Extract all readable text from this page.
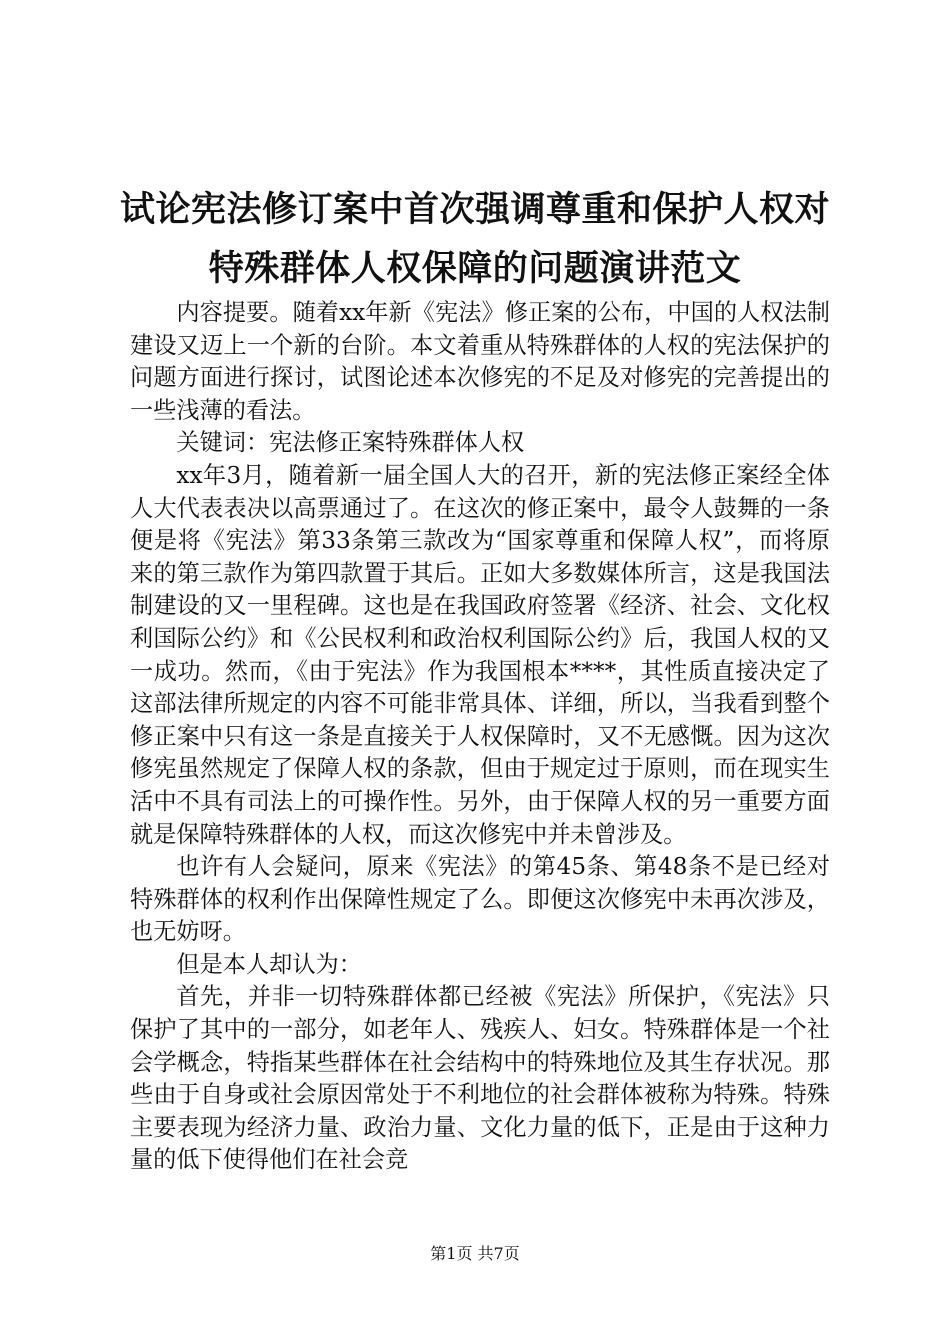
试论宪法修订案中首次强调尊重和保护人权对
特殊群体人权保障的问题演讲范文

内容提要。随着xx年新《宪法》修正案的公布，中国的人权法制建设又迈上一个新的台阶。本文着重从特殊群体的人权的宪法保护的问题方面进行探讨，试图论述本次修宪的不足及对修宪的完善提出的一些浅薄的看法。

关键词：宪法修正案特殊群体人权

xx年3月，随着新一届全国人大的召开，新的宪法修正案经全体人大代表表决以高票通过了。在这次的修正案中，最令人鼓舞的一条便是将《宪法》第33条第三款改为“国家尊重和保障人权”，而将原来的第三款作为第四款置于其后。正如大多数媒体所言，这是我国法制建设的又一里程碑。这也是在我国政府签署《经济、社会、文化权利国际公约》和《公民权利和政治权利国际公约》后，我国人权的又一成功。然而，《由于宪法》作为我国根本****，其性质直接决定了这部法律所规定的内容不可能非常具体、详细，所以，当我看到整个修正案中只有这一条是直接关于人权保障时，又不无感慨。因为这次修宪虽然规定了保障人权的条款，但由于规定过于原则，而在现实生活中不具有司法上的可操作性。另外，由于保障人权的另一重要方面就是保障特殊群体的人权，而这次修宪中并未曾涉及。

也许有人会疑问，原来《宪法》的第45条、第48条不是已经对特殊群体的权利作出保障性规定了么。即便这次修宪中未再次涉及，也无妨呀。

但是本人却认为：

首先，并非一切特殊群体都已经被《宪法》所保护，《宪法》只保护了其中的一部分，如老年人、残疾人、妇女。特殊群体是一个社会学概念，特指某些群体在社会结构中的特殊地位及其生存状况。那些由于自身或社会原因常处于不利地位的社会群体被称为特殊。特殊主要表现为经济力量、政治力量、文化力量的低下，正是由于这种力量的低下使得他们在社会竞

第1页 共7页
